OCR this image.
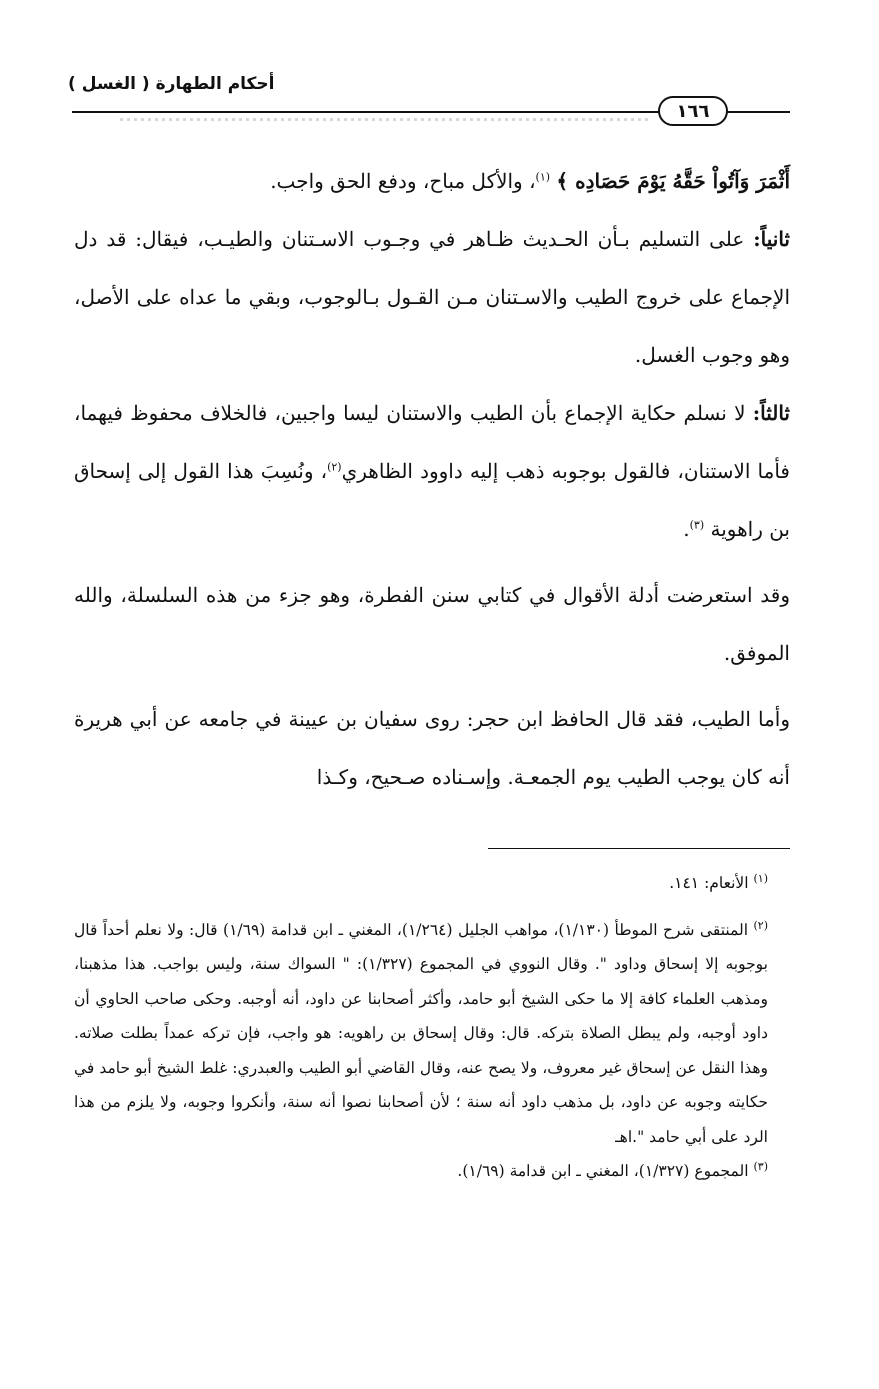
أحكام الطهارة ( الغسل )
١٦٦

أَثْمَرَ وَآتُواْ حَقَّهُ يَوْمَ حَصَادِه ﴾ $^{(١)}$، والأكل مباح، ودفع الحق واجب.

ثانياً: على التسليم بـأن الحـديث ظـاهر في وجـوب الاسـتنان والطيـب، فيقال: قد دل الإجماع على خروج الطيب والاسـتنان مـن القـول بـالوجوب، وبقي ما عداه على الأصل، وهو وجوب الغسل.

ثالثاً: لا نسلم حكاية الإجماع بأن الطيب والاستنان ليسا واجبين، فالخلاف محفوظ فيهما، فأما الاستنان، فالقول بوجوبه ذهب إليه داوود الظاهري$^{(٢)}$، ونُسِبَ هذا القول إلى إسحاق بن راهوية $^{(٣)}$.

وقد استعرضت أدلة الأقوال في كتابي سنن الفطرة، وهو جزء من هذه السلسلة، والله الموفق.

وأما الطيب، فقد قال الحافظ ابن حجر: روى سفيان بن عيينة في جامعه عن أبي هريرة أنه كان يوجب الطيب يوم الجمعـة. وإسـناده صـحيح، وكـذا

$^{(١)}$ الأنعام: ١٤١.

$^{(٢)}$ المنتقى شرح الموطأ (١/١٣٠)، مواهب الجليل (١/٢٦٤)، المغني ـ ابن قدامة (١/٦٩) قال: ولا نعلم أحداً قال بوجوبه إلا إسحاق وداود ". وقال النووي في المجموع (١/٣٢٧): " السواك سنة، وليس بواجب. هذا مذهبنا، ومذهب العلماء كافة إلا ما حكى الشيخ أبو حامد، وأكثر أصحابنا عن داود، أنه أوجبه. وحكى صاحب الحاوي أن داود أوجبه، ولم يبطل الصلاة بتركه. قال: وقال إسحاق بن راهويه: هو واجب، فإن تركه عمداً بطلت صلاته. وهذا النقل عن إسحاق غير معروف، ولا يصح عنه، وقال القاضي أبو الطيب والعبدري: غلط الشيخ أبو حامد في حكايته وجوبه عن داود، بل مذهب داود أنه سنة ؛ لأن أصحابنا نصوا أنه سنة، وأنكروا وجوبه، ولا يلزم من هذا الرد على أبي حامد ".اهـ

$^{(٣)}$ المجموع (١/٣٢٧)، المغني ـ ابن قدامة (١/٦٩).
